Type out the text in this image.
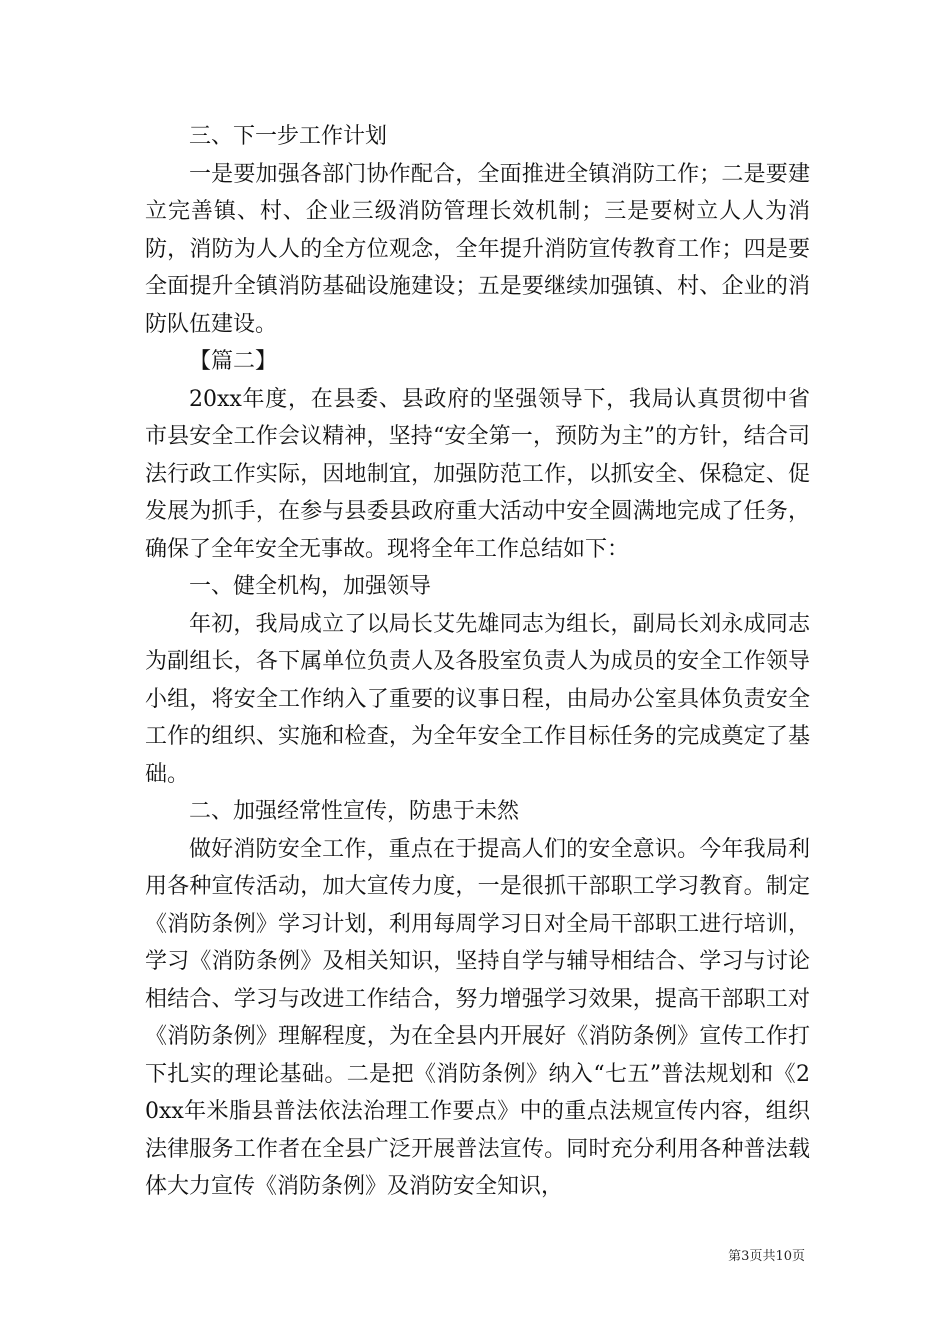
三、下一步工作计划

一是要加强各部门协作配合，全面推进全镇消防工作；二是要建立完善镇、村、企业三级消防管理长效机制；三是要树立人人为消防，消防为人人的全方位观念，全年提升消防宣传教育工作；四是要全面提升全镇消防基础设施建设；五是要继续加强镇、村、企业的消防队伍建设。

【篇二】

20xx年度，在县委、县政府的坚强领导下，我局认真贯彻中省市县安全工作会议精神，坚持“安全第一，预防为主”的方针，结合司法行政工作实际，因地制宜，加强防范工作，以抓安全、保稳定、促发展为抓手，在参与县委县政府重大活动中安全圆满地完成了任务，确保了全年安全无事故。现将全年工作总结如下：

一、健全机构，加强领导

年初，我局成立了以局长艾先雄同志为组长，副局长刘永成同志为副组长，各下属单位负责人及各股室负责人为成员的安全工作领导小组，将安全工作纳入了重要的议事日程，由局办公室具体负责安全工作的组织、实施和检查，为全年安全工作目标任务的完成奠定了基础。

二、加强经常性宣传，防患于未然

做好消防安全工作，重点在于提高人们的安全意识。今年我局利用各种宣传活动，加大宣传力度，一是很抓干部职工学习教育。制定《消防条例》学习计划，利用每周学习日对全局干部职工进行培训，学习《消防条例》及相关知识，坚持自学与辅导相结合、学习与讨论相结合、学习与改进工作结合，努力增强学习效果，提高干部职工对《消防条例》理解程度，为在全县内开展好《消防条例》宣传工作打下扎实的理论基础。二是把《消防条例》纳入“七五”普法规划和《20xx年米脂县普法依法治理工作要点》中的重点法规宣传内容，组织法律服务工作者在全县广泛开展普法宣传。同时充分利用各种普法载体大力宣传《消防条例》及消防安全知识，

第3页共10页
